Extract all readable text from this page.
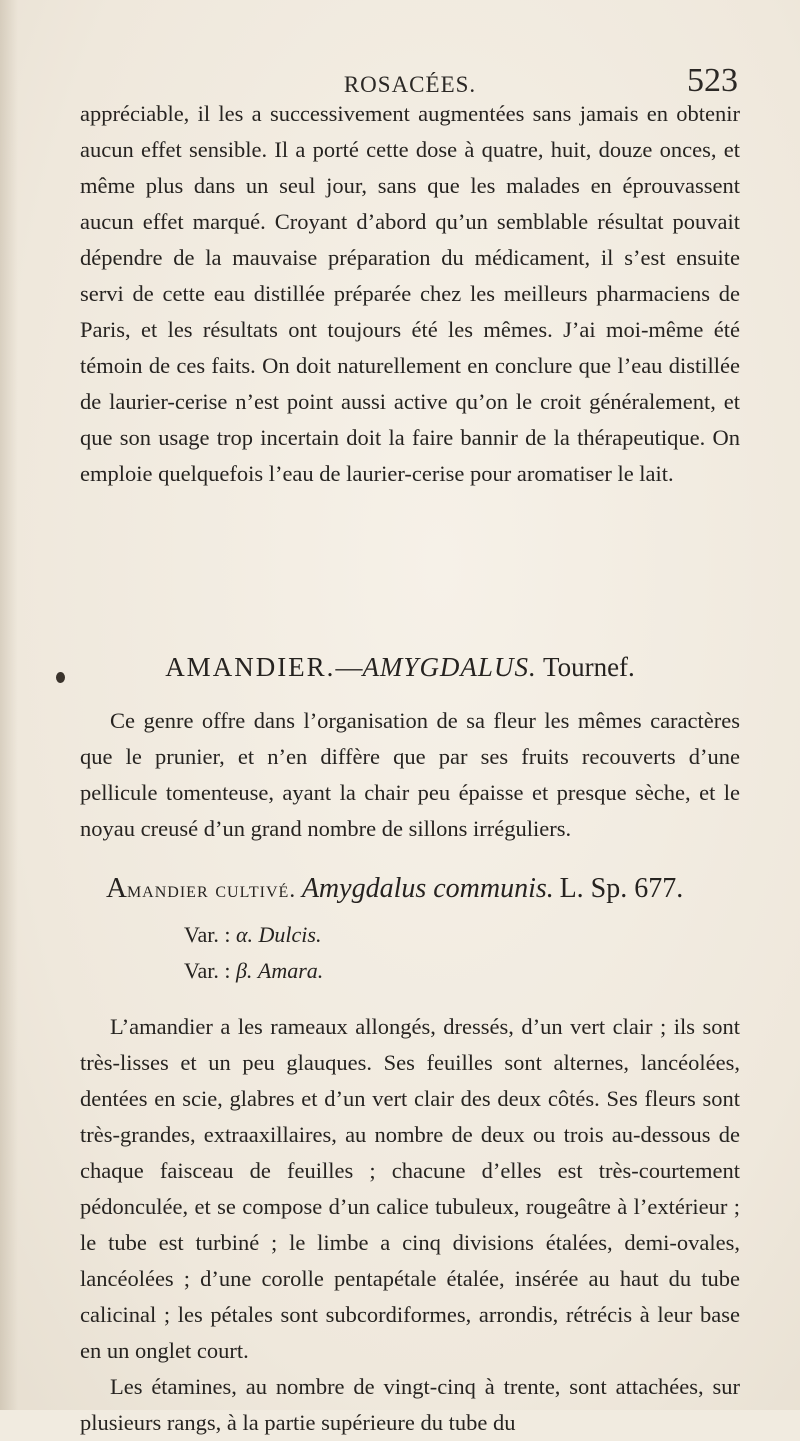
ROSACÉES.	523

appréciable, il les a successivement augmentées sans jamais en obtenir aucun effet sensible. Il a porté cette dose à quatre, huit, douze onces, et même plus dans un seul jour, sans que les malades en éprouvassent aucun effet marqué. Croyant d’abord qu’un semblable résultat pouvait dépendre de la mauvaise préparation du médicament, il s’est ensuite servi de cette eau distillée préparée chez les meilleurs pharmaciens de Paris, et les résultats ont toujours été les mêmes. J’ai moi-même été témoin de ces faits. On doit naturellement en conclure que l’eau distillée de laurier-cerise n’est point aussi active qu’on le croit généralement, et que son usage trop incertain doit la faire bannir de la thérapeutique. On emploie quelquefois l’eau de laurier-cerise pour aromatiser le lait.

AMANDIER.—AMYGDALUS. Tournef.

Ce genre offre dans l’organisation de sa fleur les mêmes caractères que le prunier, et n’en diffère que par ses fruits recouverts d’une pellicule tomenteuse, ayant la chair peu épaisse et presque sèche, et le noyau creusé d’un grand nombre de sillons irréguliers.

Amandier cultivé. Amygdalus communis. L. Sp. 677.
Var. : α. Dulcis.
Var. : β. Amara.

L’amandier a les rameaux allongés, dressés, d’un vert clair ; ils sont très-lisses et un peu glauques. Ses feuilles sont alternes, lancéolées, dentées en scie, glabres et d’un vert clair des deux côtés. Ses fleurs sont très-grandes, extraaxillaires, au nombre de deux ou trois au-dessous de chaque faisceau de feuilles ; chacune d’elles est très-courtement pédonculée, et se compose d’un calice tubuleux, rougeâtre à l’extérieur ; le tube est turbiné ; le limbe a cinq divisions étalées, demi-ovales, lancéolées ; d’une corolle pentapétale étalée, insérée au haut du tube calicinal ; les pétales sont subcordiformes, arrondis, rétrécis à leur base en un onglet court.

Les étamines, au nombre de vingt-cinq à trente, sont attachées, sur plusieurs rangs, à la partie supérieure du tube du
